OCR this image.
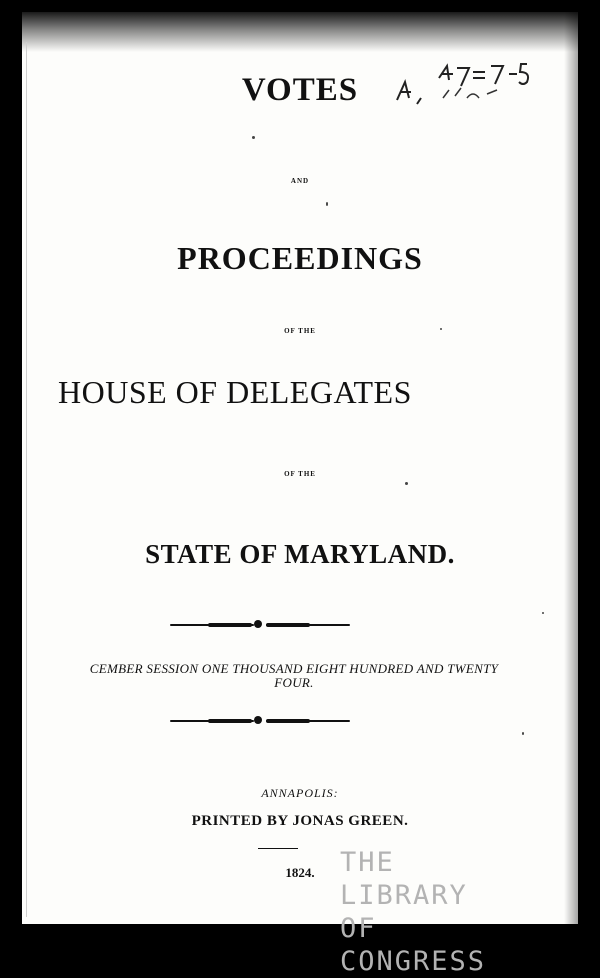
VOTES
AND
PROCEEDINGS
OF THE
HOUSE OF DELEGATES
OF THE
STATE OF MARYLAND.
CEMBER SESSION ONE THOUSAND EIGHT HUNDRED AND TWENTY
FOUR.
ANNAPOLIS:
PRINTED BY JONAS GREEN.
1824. THE LIBRARY
OF CONGRESS
